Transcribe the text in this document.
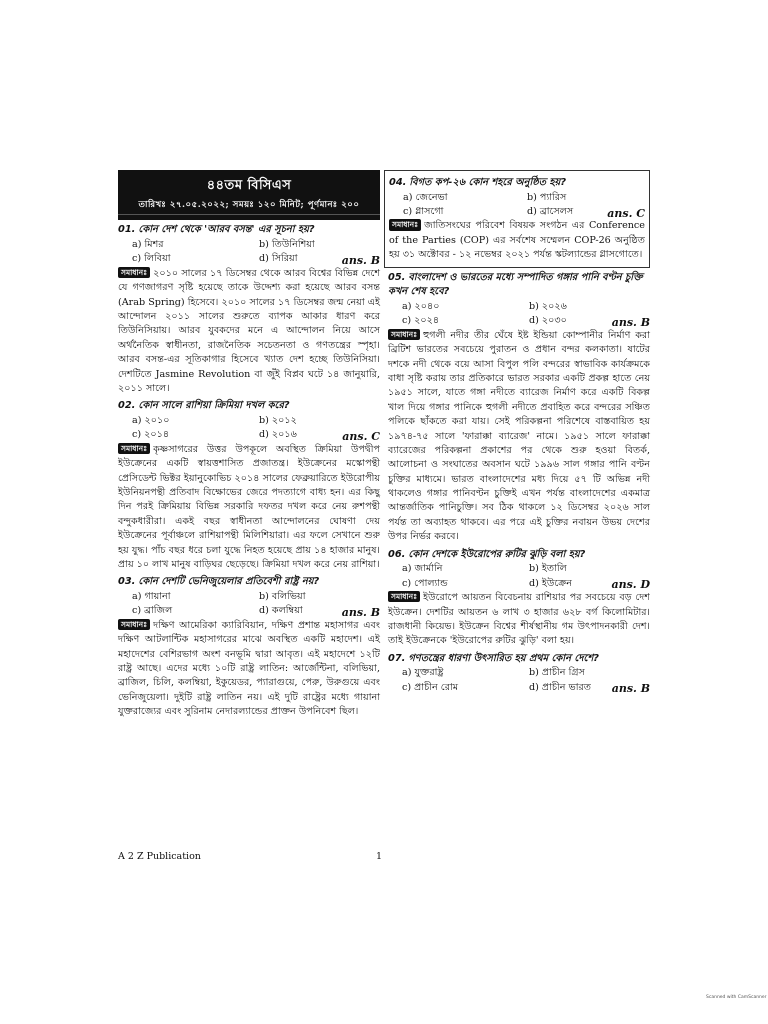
৪৪তম বিসিএস
তারিখঃ ২৭.০৫.২০২২; সময়ঃ ১২০ মিনিট; পূর্ণমানঃ ২০০
01. কোন দেশ থেকে 'আরব বসন্ত' এর সূচনা হয়?
a) মিশর	b) তিউনিশিয়া
c) লিবিয়া	d) সিরিয়া	ans. B
সমাধানঃ ২০১০ সালের ১৭ ডিসেম্বর থেকে আরব বিশ্বের বিভিন্ন দেশে যে গণজাগরণ সৃষ্টি হয়েছে তাকে উদ্দেশ্য করা হয়েছে আরব বসন্ত (Arab Spring) হিসেবে। ২০১০ সালের ১৭ ডিসেম্বর জন্ম নেয়া এই আন্দোলন ২০১১ সালের শুরুতে ব্যাপক আকার ধারণ করে তিউনিসিয়ায়। আরব যুবকদের মনে এ আন্দোলন নিয়ে আসে অর্থনৈতিক স্বাধীনতা, রাজনৈতিক সচেতনতা ও গণতন্ত্রের স্পৃহা। আরব বসন্ত-এর সূতিকাগার হিসেবে খ্যাত দেশ হচ্ছে তিউনিসিয়া। দেশটিতে Jasmine Revolution বা জুঁই বিপ্লব ঘটে ১৪ জানুয়ারি, ২০১১ সালে।
02. কোন সালে রাশিয়া ক্রিমিয়া দখল করে?
a) ২০১০	b) ২০১২
c) ২০১৪	d) ২০১৬	ans. C
সমাধানঃ কৃষ্ণসাগরের উত্তর উপকূলে অবস্থিত ক্রিমিয়া উপদ্বীপ ইউক্রেনের একটি স্বায়ত্তশাসিত প্রজাতন্ত্র। ইউক্রেনের মস্কোপন্থী প্রেসিডেন্ট ভিক্টর ইয়ানুকোভিচ ২০১৪ সালের ফেব্রুয়ারিতে ইউরোপীয় ইউনিয়নপন্থী প্রতিবাদ বিক্ষোভের জেরে পদত্যাগে বাধ্য হন। এর কিছু দিন পরই ক্রিমিয়ায় বিভিন্ন সরকারি দফতর দখল করে নেয় রুশপন্থী বন্দুকধারীরা। একই বছর স্বাধীনতা আন্দোলনের ঘোষণা দেয় ইউক্রেনের পূর্বাঞ্চলে রাশিয়াপন্থী মিলিশিয়ারা। এর ফলে সেখানে শুরু হয় যুদ্ধ। পাঁচ বছর ধরে চলা যুদ্ধে নিহত হয়েছে প্রায় ১৪ হাজার মানুষ। প্রায় ১০ লাখ মানুষ বাড়িঘর ছেড়েছে। ক্রিমিয়া দখল করে নেয় রাশিয়া।
03. কোন দেশটি ভেনিজুয়েলার প্রতিবেশী রাষ্ট্র নয়?
a) গায়ানা	b) বলিভিয়া
c) ব্রাজিল	d) কলম্বিয়া	ans. B
সমাধানঃ দক্ষিণ আমেরিকা ক্যারিবিয়ান, দক্ষিণ প্রশান্ত মহাসাগর এবং দক্ষিণ আটলান্টিক মহাসাগরের মাঝে অবস্থিত একটি মহাদেশ। এই মহাদেশের বেশিরভাগ অংশ বনভূমি দ্বারা আবৃত। এই মহাদেশে ১২টি রাষ্ট্র আছে। এদের মধ্যে ১০টি রাষ্ট্র লাতিন: আর্জেন্টিনা, বলিভিয়া, ব্রাজিল, চিলি, কলম্বিয়া, ইকুয়েডর, প্যারাগুয়ে, পেরু, উরুগুয়ে এবং ভেনিজুয়েলা। দুইটি রাষ্ট্র লাতিন নয়। এই দুটি রাষ্ট্রের মধ্যে গায়ানা যুক্তরাজ্যের এবং সুরিনাম নেদারল্যান্ডের প্রাক্তন উপনিবেশ ছিল।
04. বিগত কপ-২৬ কোন শহরে অনুষ্ঠিত হয়?
a) জেনেভা	b) প্যারিস
c) গ্লাসগো	d) ব্রাসেলস	ans. C
সমাধানঃ জাতিসংঘের পরিবেশ বিষয়ক সংগঠন এর Conference of the Parties (COP) এর সর্বশেষ সম্মেলন COP-26 অনুষ্ঠিত হয় ৩১ অক্টোবর - ১২ নভেম্বর ২০২১ পর্যন্ত স্কটল্যান্ডের গ্লাসগোতে।
05. বাংলাদেশ ও ভারতের মধ্যে সম্পাদিত গঙ্গার পানি বণ্টন চুক্তি কখন শেষ হবে?
a) ২০৪০	b) ২০২৬
c) ২০২৪	d) ২০৩০	ans. B
সমাধানঃ হুগলী নদীর তীর ঘেঁষে ইষ্ট ইন্ডিয়া কোম্পানীর নির্মাণ করা ব্রিটিশ ভারতের সবচেয়ে পুরাতন ও প্রধান বন্দর কলকাতা। ষাটের দশকে নদী থেকে বয়ে আসা বিপুল পলি বন্দরের স্বাভাবিক কার্যক্রমকে বাধা সৃষ্টি করায় তার প্রতিকারে ভারত সরকার একটি প্রকল্প হাতে নেয় ১৯৫১ সালে, যাতে গঙ্গা নদীতে ব্যারেজ নির্মাণ করে একটি বিকল্প খাল দিয়ে গঙ্গার পানিকে হুগলী নদীতে প্রবাহিত করে বন্দরের সঞ্চিত পলিকে ছাঁকতে করা যায়। সেই পরিকল্পনা পরিশেষে বাস্তবায়িত হয় ১৯৭৪-৭৫ সালে 'ফারাক্কা ব্যারেজ' নামে। ১৯৫১ সালে ফারাক্কা ব্যারেজের পরিকল্পনা প্রকাশের পর থেকে শুরু হওয়া বিতর্ক, আলোচনা ও সংঘাতের অবসান ঘটে ১৯৯৬ সাল গঙ্গার পানি বণ্টন চুক্তির মাধ্যমে। ভারত বাংলাদেশের মধ্য দিয়ে ৫৭ টি অভিন্ন নদী থাকলেও গঙ্গার পানিবণ্টন চুক্তিই এখন পর্যন্ত বাংলাদেশের একমাত্র আন্তর্জাতিক পানিচুক্তি। সব ঠিক থাকলে ১২ ডিসেম্বর ২০২৬ সাল পর্যন্ত তা অব্যাহত থাকবে। এর পরে এই চুক্তির নবায়ন উভয় দেশের উপর নির্ভর করবে।
06. কোন দেশকে ইউরোপের রুটির ঝুড়ি বলা হয়?
a) জার্মানি	b) ইতালি
c) পোল্যান্ড	d) ইউক্রেন	ans. D
সমাধানঃ ইউরোপে আয়তন বিবেচনায় রাশিয়ার পর সবচেয়ে বড় দেশ ইউক্রেন। দেশটির আয়তন ৬ লাখ ৩ হাজার ৬২৮ বর্গ কিলোমিটার। রাজধানী কিয়েভ। ইউক্রেন বিশ্বের শীর্ষস্থানীয় গম উৎপাদনকারী দেশ। তাই ইউক্রেনকে 'ইউরোপের রুটির ঝুড়ি' বলা হয়।
07. গণতন্ত্রের ধারণা উৎসারিত হয় প্রথম কোন দেশে?
a) যুক্তরাষ্ট্র	b) প্রাচীন গ্রিস
c) প্রাচীন রোম	d) প্রাচীন ভারত	ans. B
A 2 Z Publication	1
Scanned with CamScanner
